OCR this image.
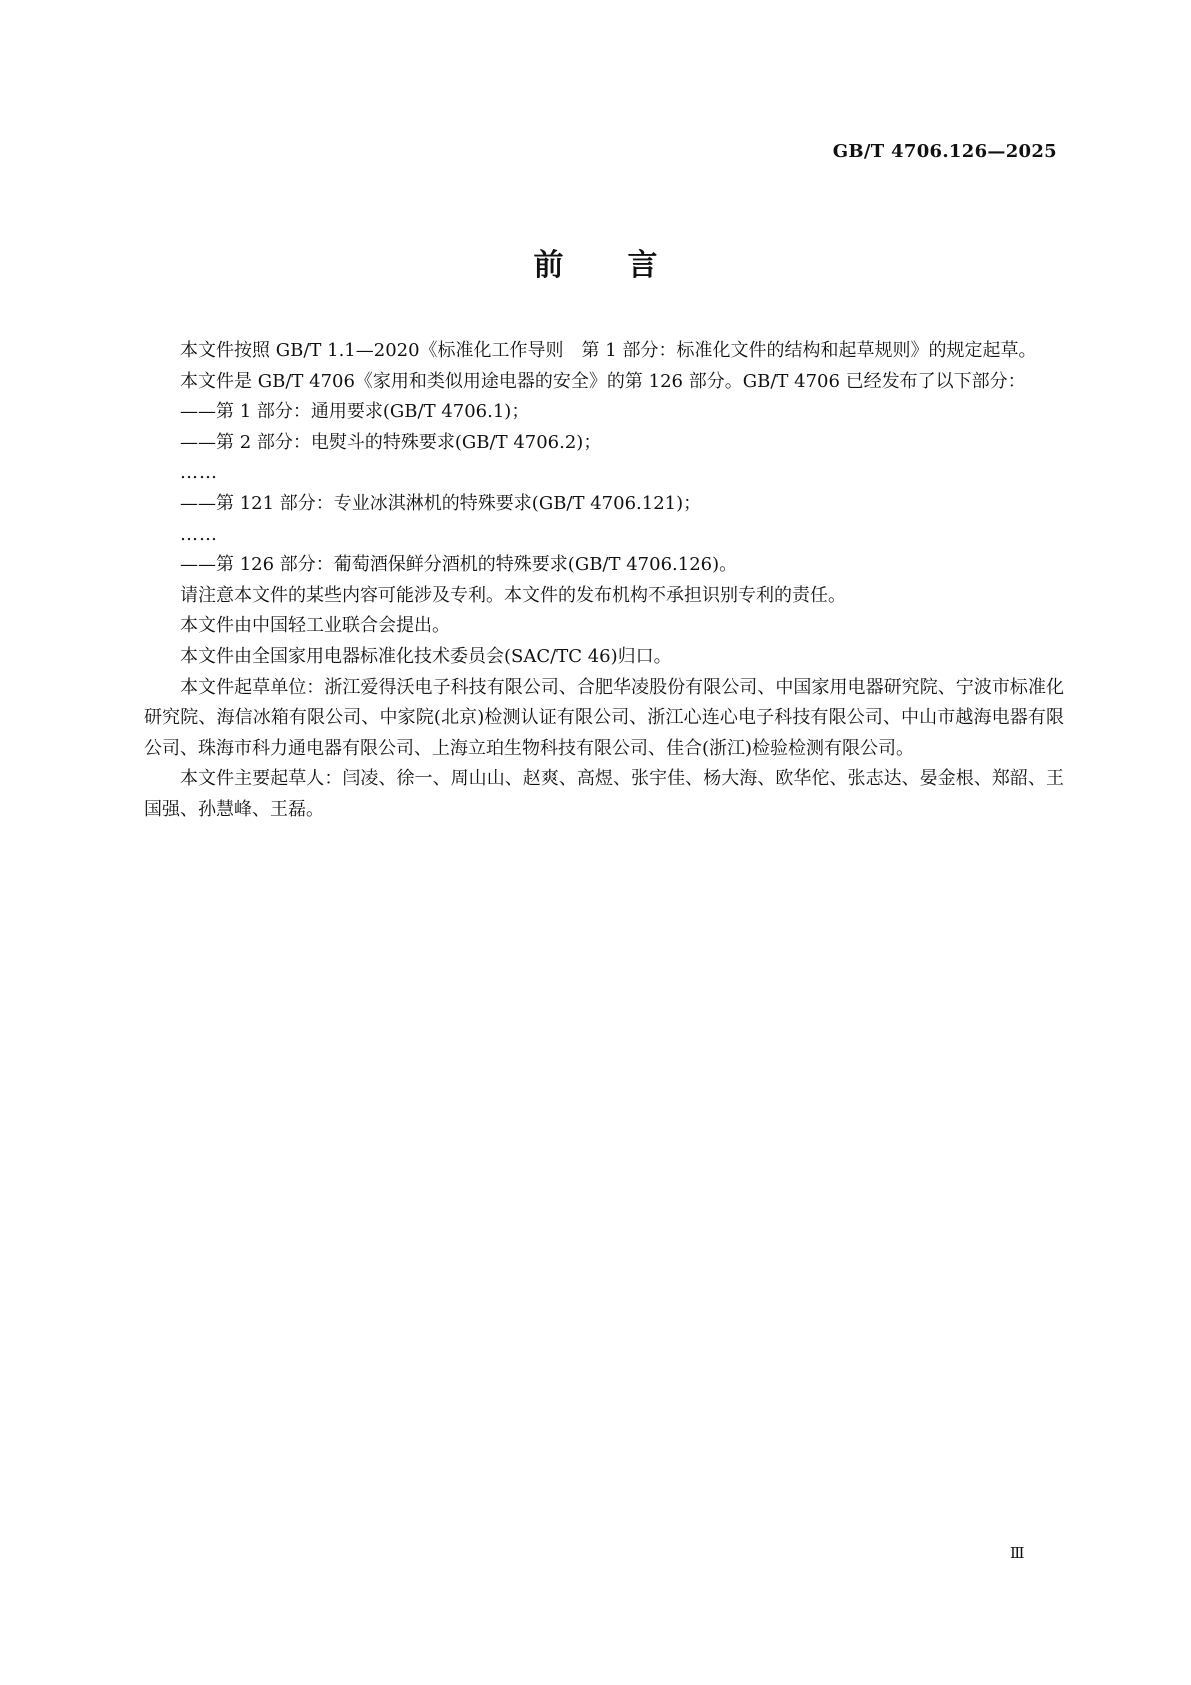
GB/T 4706.126—2025
前言

本文件按照 GB/T 1.1—2020《标准化工作导则　第 1 部分：标准化文件的结构和起草规则》的规定起草。

本文件是 GB/T 4706《家用和类似用途电器的安全》的第 126 部分。GB/T 4706 已经发布了以下部分：

——第 1 部分：通用要求(GB/T 4706.1)；

——第 2 部分：电熨斗的特殊要求(GB/T 4706.2)；

……

——第 121 部分：专业冰淇淋机的特殊要求(GB/T 4706.121)；

……

——第 126 部分：葡萄酒保鲜分酒机的特殊要求(GB/T 4706.126)。

请注意本文件的某些内容可能涉及专利。本文件的发布机构不承担识别专利的责任。

本文件由中国轻工业联合会提出。

本文件由全国家用电器标准化技术委员会(SAC/TC 46)归口。

本文件起草单位：浙江爱得沃电子科技有限公司、合肥华凌股份有限公司、中国家用电器研究院、宁波市标准化研究院、海信冰箱有限公司、中家院(北京)检测认证有限公司、浙江心连心电子科技有限公司、中山市越海电器有限公司、珠海市科力通电器有限公司、上海立珀生物科技有限公司、佳合(浙江)检验检测有限公司。

本文件主要起草人：闫凌、徐一、周山山、赵爽、高煜、张宇佳、杨大海、欧华佗、张志达、晏金根、郑韶、王国强、孙慧峰、王磊。

Ⅲ
